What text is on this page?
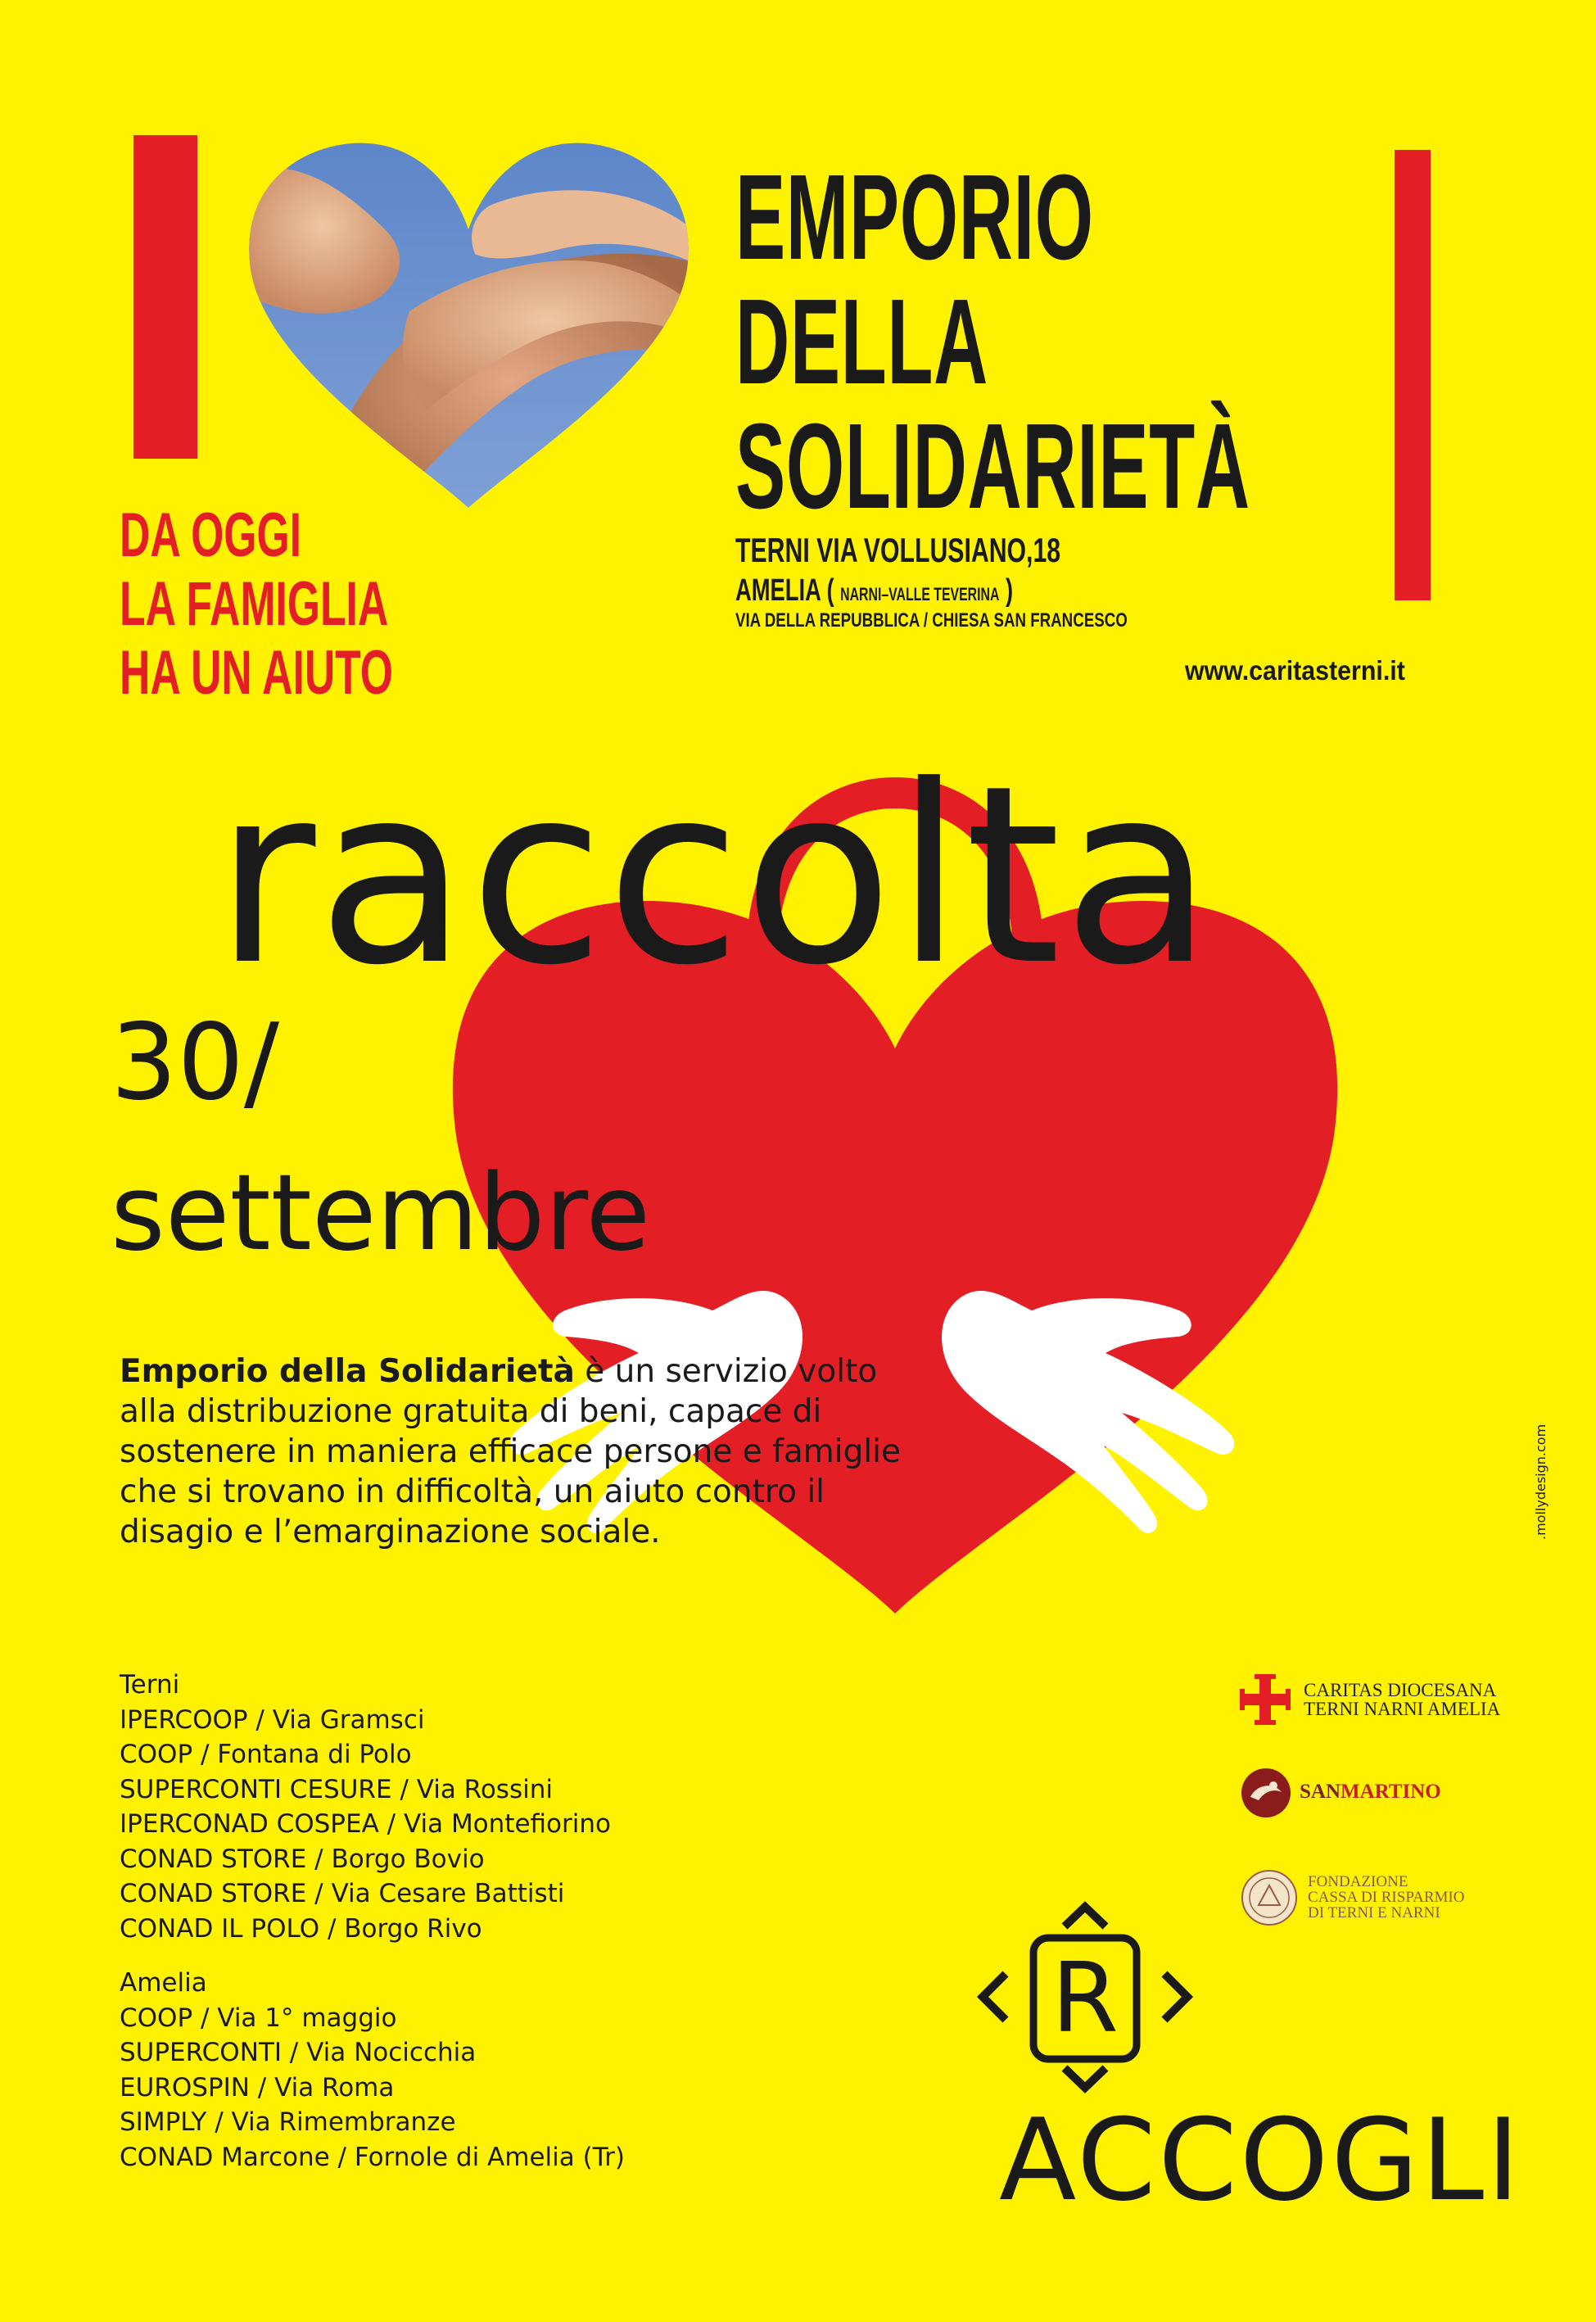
EMPORIO
DELLA
SOLIDARIETÀ
TERNI VIA VOLLUSIANO,18
AMELIA ( NARNI–VALLE TEVERINA )
VIA DELLA REPUBBLICA / CHIESA SAN FRANCESCO
DA OGGI
LA FAMIGLIA
HA UN AIUTO	www.caritasterni.it
raccolta
30/
settembre
Emporio della Solidarietà è un servizio volto
alla distribuzione gratuita di beni, capace di
sostenere in maniera efficace persone e famiglie
che si trovano in difficoltà, un aiuto contro il
disagio e l’emarginazione sociale.
Terni
IPERCOOP / Via Gramsci
COOP / Fontana di Polo
SUPERCONTI CESURE / Via Rossini
IPERCONAD COSPEA / Via Montefiorino
CONAD STORE / Borgo Bovio
CONAD STORE / Via Cesare Battisti
CONAD IL POLO / Borgo Rivo
Amelia
COOP / Via 1° maggio
SUPERCONTI / Via Nocicchia
EUROSPIN / Via Roma
SIMPLY / Via Rimembranze
CONAD Marcone / Fornole di Amelia (Tr)
CARITAS DIOCESANA
TERNI NARNI AMELIA
SANMARTINO
FONDAZIONE
CASSA DI RISPARMIO
DI TERNI E NARNI
R
ACCOGLI
.mollydesign.com
